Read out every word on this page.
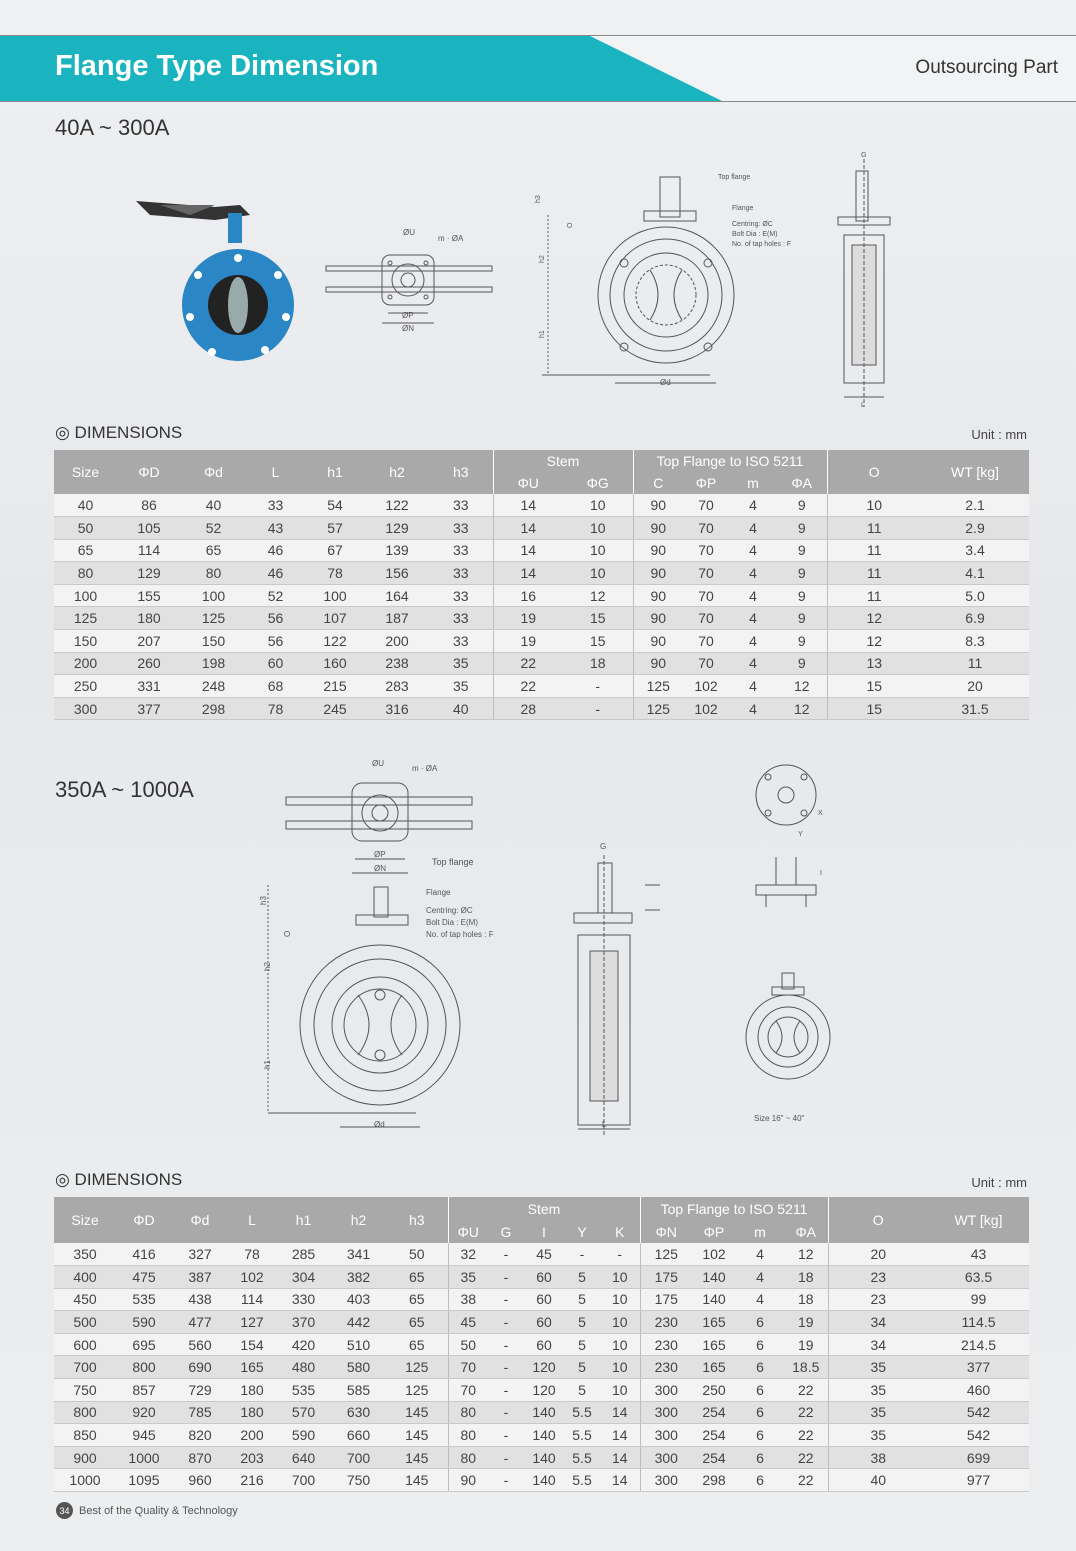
Flange Type Dimension	Outsourcing Part
40A ~ 300A
ØU
m · ØA
ØP
ØN
h3
O
h2
h1
Ød
Top flange
Flange
Centring: ØC
Bolt Dia : E(M)
No. of tap holes : F
G
L
◎ DIMENSIONS	Unit : mm
Size	ΦD	Φd	L	h1	h2	h3	Stem		Top Flange to ISO 5211				O	WT [kg]
							ΦU	ΦG	C	ΦP	m	ΦA		
40	86	40	33	54	122	33	14	10	90	70	4	9	10	2.1
50	105	52	43	57	129	33	14	10	90	70	4	9	11	2.9
65	114	65	46	67	139	33	14	10	90	70	4	9	11	3.4
80	129	80	46	78	156	33	14	10	90	70	4	9	11	4.1
100	155	100	52	100	164	33	16	12	90	70	4	9	11	5.0
125	180	125	56	107	187	33	19	15	90	70	4	9	12	6.9
150	207	150	56	122	200	33	19	15	90	70	4	9	12	8.3
200	260	198	60	160	238	35	22	18	90	70	4	9	13	11
250	331	248	68	215	283	35	22	-	125	102	4	12	15	20
300	377	298	78	245	316	40	28	-	125	102	4	12	15	31.5
350A ~ 1000A
ØU
m · ØA
ØP
ØN
h3
O
h2
h1
Ød
Top flange
Flange
Centring: ØC
Bolt Dia : E(M)
No. of tap holes : F
G
L
X
Y
I
Size 16" ~ 40"
◎ DIMENSIONS	Unit : mm
Size	ΦD	Φd	L	h1	h2	h3	Stem					Top Flange to ISO 5211				O	WT [kg]
							ΦU	G	I	Y	K	ΦN	ΦP	m	ΦA		
350	416	327	78	285	341	50	32	-	45	-	-	125	102	4	12	20	43
400	475	387	102	304	382	65	35	-	60	5	10	175	140	4	18	23	63.5
450	535	438	114	330	403	65	38	-	60	5	10	175	140	4	18	23	99
500	590	477	127	370	442	65	45	-	60	5	10	230	165	6	19	34	114.5
600	695	560	154	420	510	65	50	-	60	5	10	230	165	6	19	34	214.5
700	800	690	165	480	580	125	70	-	120	5	10	230	165	6	18.5	35	377
750	857	729	180	535	585	125	70	-	120	5	10	300	250	6	22	35	460
800	920	785	180	570	630	145	80	-	140	5.5	14	300	254	6	22	35	542
850	945	820	200	590	660	145	80	-	140	5.5	14	300	254	6	22	35	542
900	1000	870	203	640	700	145	80	-	140	5.5	14	300	254	6	22	38	699
1000	1095	960	216	700	750	145	90	-	140	5.5	14	300	298	6	22	40	977
34 Best of the Quality & Technology
